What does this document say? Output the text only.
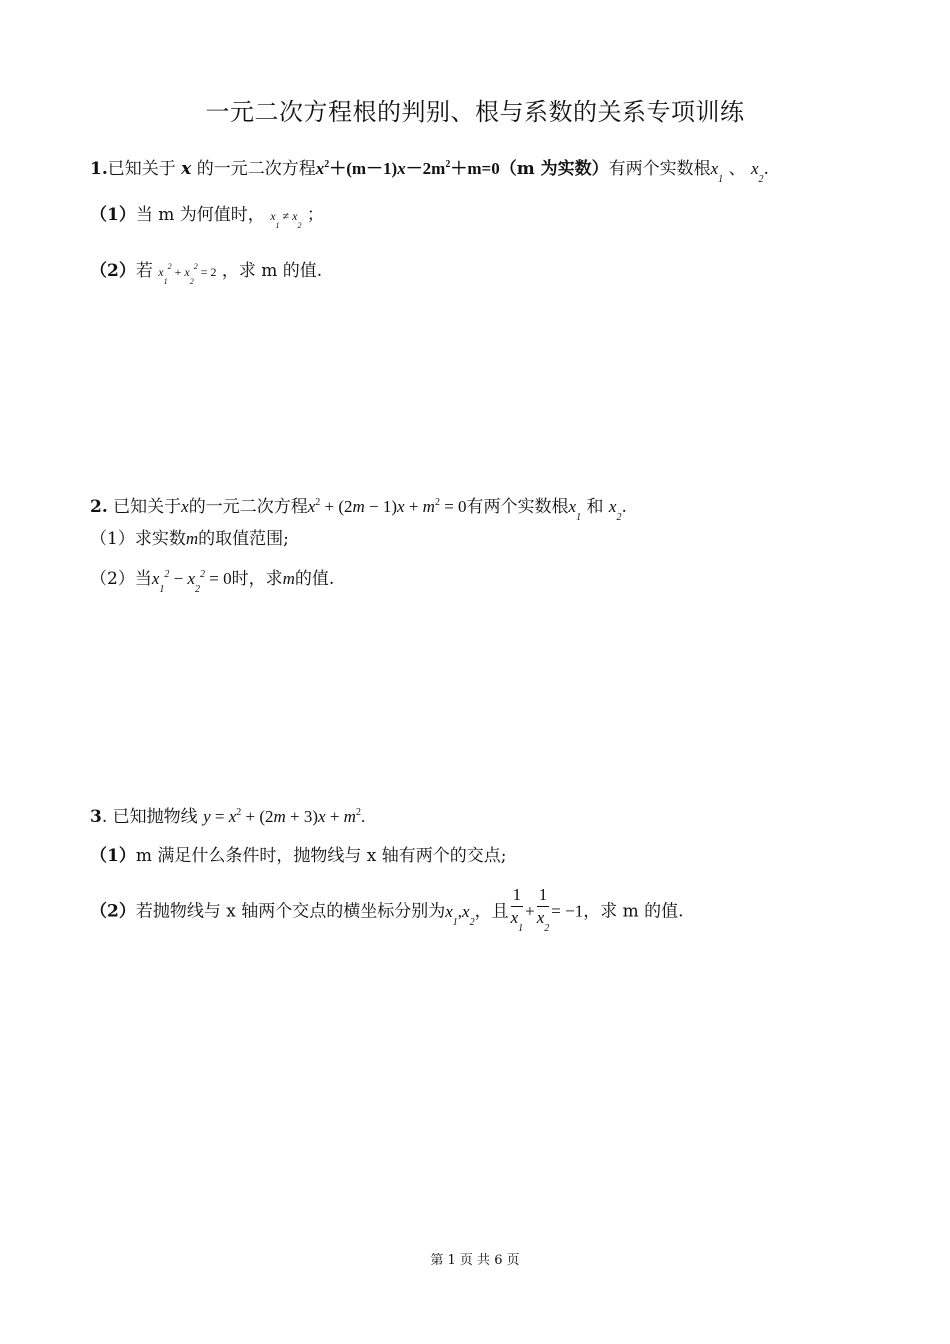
一元二次方程根的判别、根与系数的关系专项训练
1.已知关于 x 的一元二次方程$x^2+(m-1)x-2m^2+m=0(m$ 为实数）有两个实数根$x_1$ 、 $x_2$.
（1）当 m 为何值时， $x_1 \ne x_2$ ；
（2）若 $x_1^2 + x_2^2 = 2$ ，求 m 的值.
2. 已知关于x的一元二次方程$x^2 + (2m - 1)x + m^2 = 0$有两个实数根$x_1$ 和 $x_2$.
（1）求实数m的取值范围;
（2）当$x_1^2 - x_2^2 = 0$时，求m的值.
3. 已知抛物线 $y = x^2 + (2m + 3)x + m^2$.
（1）m 满足什么条件时，抛物线与 x 轴有两个的交点;
（2）若抛物线与 x 轴两个交点的横坐标分别为$x_1,x_2$，且 $\frac{1}{x_1} + \frac{1}{x_2} = -1$，求 m 的值.
第 1 页 共 6 页
